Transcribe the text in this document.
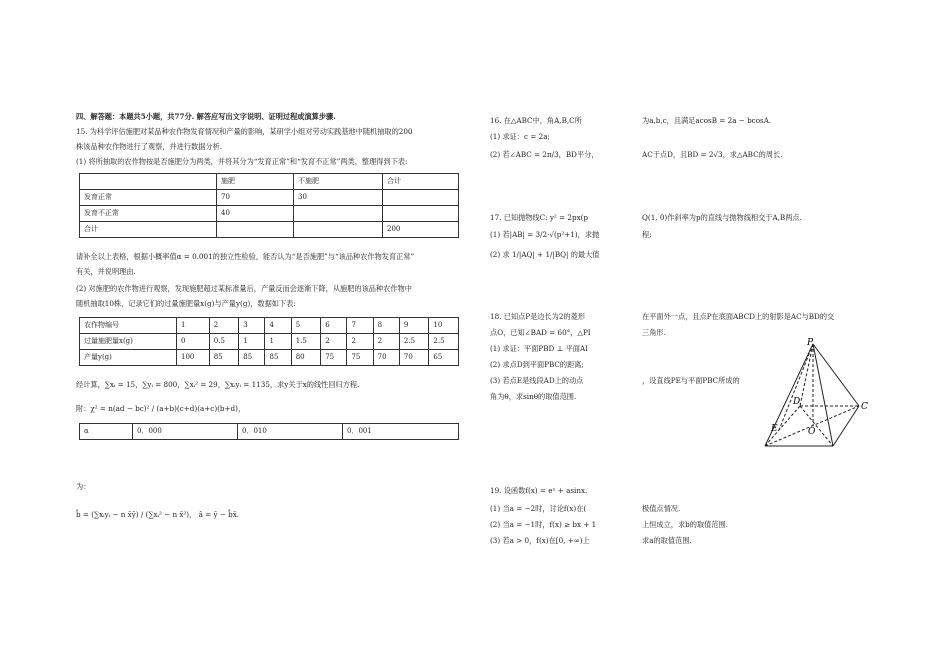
四、解答题：本题共5小题，共77分. 解答应写出文字说明、证明过程或演算步骤.
15. 为科学评估施肥对某品种农作物发育情况和产量的影响，某研学小组对劳动实践基地中随机抽取的200
株该品种农作物进行了观察，并进行数据分析.
(1) 将所抽取的农作物按是否施肥分为两类，并将其分为“发育正常”和“发育不正常”两类，整理得到下表:
	施肥	不施肥	合计
发育正常	70	30	
发育不正常	40		
合计			200
请补全以上表格，根据小概率值α = 0.001的独立性检验，能否认为“是否施肥”与“该品种农作物发育正常”
有关，并说明理由.
(2) 对施肥的农作物进行观察，发现施肥超过某标准量后，产量反而会逐渐下降，从施肥的该品种农作物中
随机抽取10株，记录它们的过量施肥量x(g)与产量y(g)，数据如下表:
农作物编号	1	2	3	4	5	6	7	8	9	10
过量施肥量x(g)	0	0.5	1	1	1.5	2	2	2	2.5	2.5
产量y(g)	100	85	85	85	80	75	75	70	70	65
经计算，∑xᵢ = 15，∑yᵢ = 800，∑xᵢ² = 29，∑xᵢyᵢ = 1135，求y关于x的线性回归方程.
附：χ² = n(ad − bc)² / (a+b)(c+d)(a+c)(b+d)，
α	0．000	0．010	0．001
为：
b̂ = (∑xᵢyᵢ − n x̄ȳ) / (∑xᵢ² − n x̄²)， â = ȳ − b̂x̄.
16. 在△ABC中，角A,B,C所	为a,b,c，且满足acosB = 2a − bcosA.
(1) 求证：c = 2a;
(2) 若∠ABC = 2π/3，BD平分，	AC于点D，且BD = 2√3，求△ABC的周长.
17. 已知抛物线C: y² = 2px(p	Q(1, 0)作斜率为p的直线与抛物线相交于A,B两点.
(1) 若|AB| = 3/2·√(p²+1)，求抛	程;
(2) 求 1/|AQ| + 1/|BQ| 的最大值
18. 已知点P是边长为2的菱形	在平面外一点，且点P在底面ABCD上的射影是AC与BD的交
点O，已知∠BAD = 60°，△PI	三角形.
(1) 求证：平面PBD ⊥ 平面AI
(2) 求点D到平面PBC的距离;
(3) 若点E是线段AD上的动点	，设直线PE与平面PBC所成的
角为θ，求sinθ的取值范围.
P
D	C
E	O
19. 设函数f(x) = eˣ + asinx.
(1) 当a = −2时，讨论f(x)在(	极值点情况.
(2) 当a = −1时，f(x) ≥ bx + 1	上恒成立，求b的取值范围.
(3) 若a > 0，f(x)在[0, +∞)上	求a的取值范围.
